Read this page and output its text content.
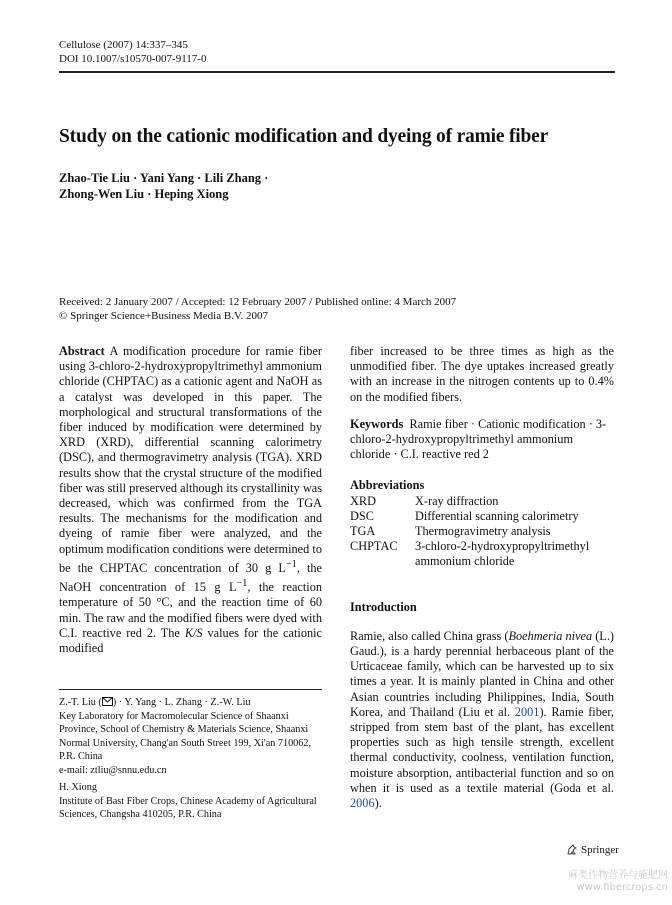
Cellulose (2007) 14:337–345
DOI 10.1007/s10570-007-9117-0
Study on the cationic modification and dyeing of ramie fiber
Zhao-Tie Liu · Yani Yang · Lili Zhang ·
Zhong-Wen Liu · Heping Xiong
Received: 2 January 2007 / Accepted: 12 February 2007 / Published online: 4 March 2007
© Springer Science+Business Media B.V. 2007
Abstract A modification procedure for ramie fiber using 3-chloro-2-hydroxypropyltrimethyl ammonium chloride (CHPTAC) as a cationic agent and NaOH as a catalyst was developed in this paper. The morphological and structural transformations of the fiber induced by modification were determined by XRD (XRD), differential scanning calorimetry (DSC), and thermogravimetry analysis (TGA). XRD results show that the crystal structure of the modified fiber was still preserved although its crystallinity was decreased, which was confirmed from the TGA results. The mechanisms for the modification and dyeing of ramie fiber were analyzed, and the optimum modification conditions were determined to be the CHPTAC concentration of 30 g $L^{-1}$, the NaOH concentration of 15 g $L^{-1}$, the reaction temperature of 50 °C, and the reaction time of 60 min. The raw and the modified fibers were dyed with C.I. reactive red 2. The K/S values for the cationic modified
fiber increased to be three times as high as the unmodified fiber. The dye uptakes increased greatly with an increase in the nitrogen contents up to 0.4% on the modified fibers.
Keywords Ramie fiber · Cationic modification · 3-chloro-2-hydroxypropyltrimethyl ammonium chloride · C.I. reactive red 2
Abbreviations
XRD	X-ray diffraction
DSC	Differential scanning calorimetry
TGA	Thermogravimetry analysis
CHPTAC	3-chloro-2-hydroxypropyltrimethyl ammonium chloride
Introduction
Ramie, also called China grass (Boehmeria nivea (L.) Gaud.), is a hardy perennial herbaceous plant of the Urticaceae family, which can be harvested up to six times a year. It is mainly planted in China and other Asian countries including Philippines, India, South Korea, and Thailand (Liu et al. 2001). Ramie fiber, stripped from stem bast of the plant, has excellent properties such as high tensile strength, excellent thermal conductivity, coolness, ventilation function, moisture absorption, antibacterial function and so on when it is used as a textile material (Goda et al. 2006).
Z.-T. Liu ( ) · Y. Yang · L. Zhang · Z.-W. Liu
Key Laboratory for Macromolecular Science of Shaanxi Province, School of Chemistry & Materials Science, Shaanxi Normal University, Chang'an South Street 199, Xi'an 710062, P.R. China
e-mail: ztliu@snnu.edu.cn
H. Xiong
Institute of Bast Fiber Crops, Chinese Academy of Agricultural Sciences, Changsha 410205, P.R. China
Springer
麻类作物营养与施肥网
www.fibercrops.cn
